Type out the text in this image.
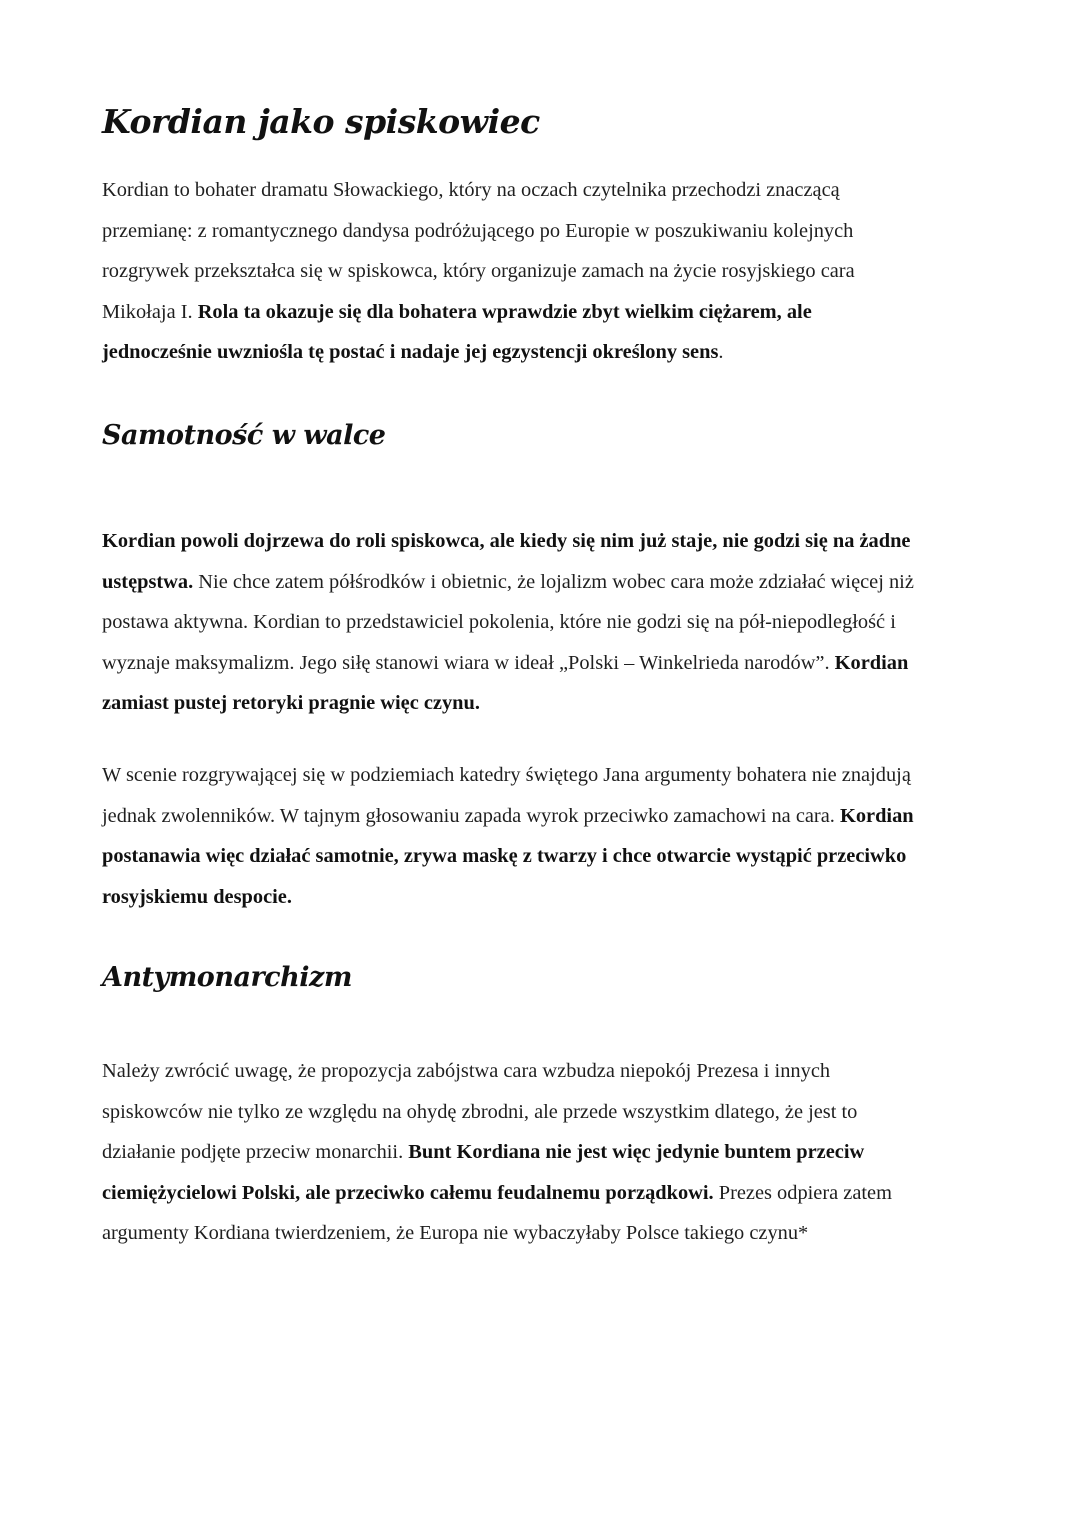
Kordian jako spiskowiec

Kordian to bohater dramatu Słowackiego, który na oczach czytelnika przechodzi znaczącą
przemianę: z romantycznego dandysa podróżującego po Europie w poszukiwaniu kolejnych
rozgrywek przekształca się w spiskowca, który organizuje zamach na życie rosyjskiego cara
Mikołaja I. Rola ta okazuje się dla bohatera wprawdzie zbyt wielkim ciężarem, ale
jednocześnie uwzniośla tę postać i nadaje jej egzystencji określony sens.

Samotność w walce

Kordian powoli dojrzewa do roli spiskowca, ale kiedy się nim już staje, nie godzi się na żadne
ustępstwa. Nie chce zatem półśrodków i obietnic, że lojalizm wobec cara może zdziałać więcej niż
postawa aktywna. Kordian to przedstawiciel pokolenia, które nie godzi się na pół-niepodległość i
wyznaje maksymalizm. Jego siłę stanowi wiara w ideał „Polski – Winkelrieda narodów”. Kordian
zamiast pustej retoryki pragnie więc czynu.

W scenie rozgrywającej się w podziemiach katedry świętego Jana argumenty bohatera nie znajdują
jednak zwolenników. W tajnym głosowaniu zapada wyrok przeciwko zamachowi na cara. Kordian
postanawia więc działać samotnie, zrywa maskę z twarzy i chce otwarcie wystąpić przeciwko
rosyjskiemu despocie.

Antymonarchizm

Należy zwrócić uwagę, że propozycja zabójstwa cara wzbudza niepokój Prezesa i innych
spiskowców nie tylko ze względu na ohydę zbrodni, ale przede wszystkim dlatego, że jest to
działanie podjęte przeciw monarchii. Bunt Kordiana nie jest więc jedynie buntem przeciw
ciemiężycielowi Polski, ale przeciwko całemu feudalnemu porządkowi. Prezes odpiera zatem
argumenty Kordiana twierdzeniem, że Europa nie wybaczyłaby Polsce takiego czynu*
